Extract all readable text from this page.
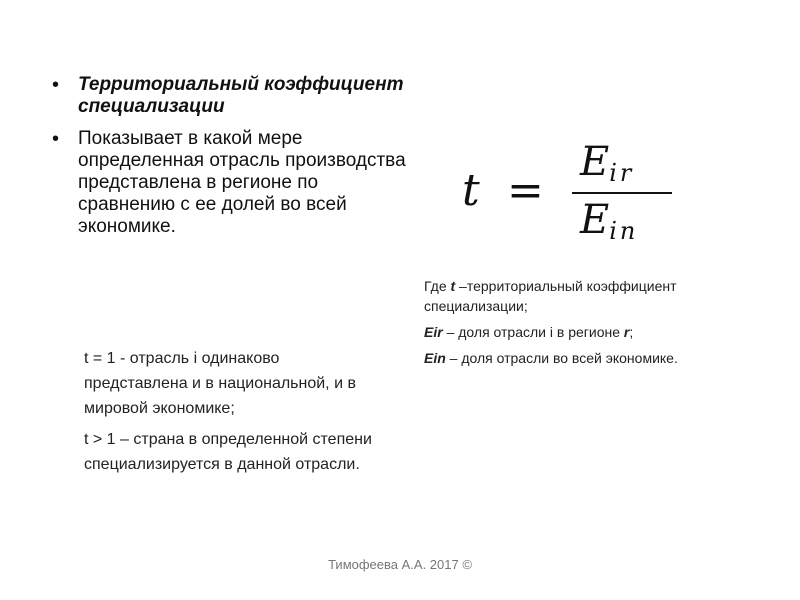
• Территориальный коэффициент специализации
• Показывает в какой мере определенная отрасль производства представлена в регионе по сравнению с ее долей во всей экономике.
t =
$E_{ir}$
$E_{in}$

Где t –территориальный коэффициент специализации;

Eir – доля отрасли i в регионе r;

Ein – доля отрасли во всей экономике.

t = 1 - отрасль i одинаково представлена и в национальной, и в мировой экономике;

t > 1 – страна в определенной степени специализируется в данной отрасли.

Тимофеева А.А. 2017 ©
